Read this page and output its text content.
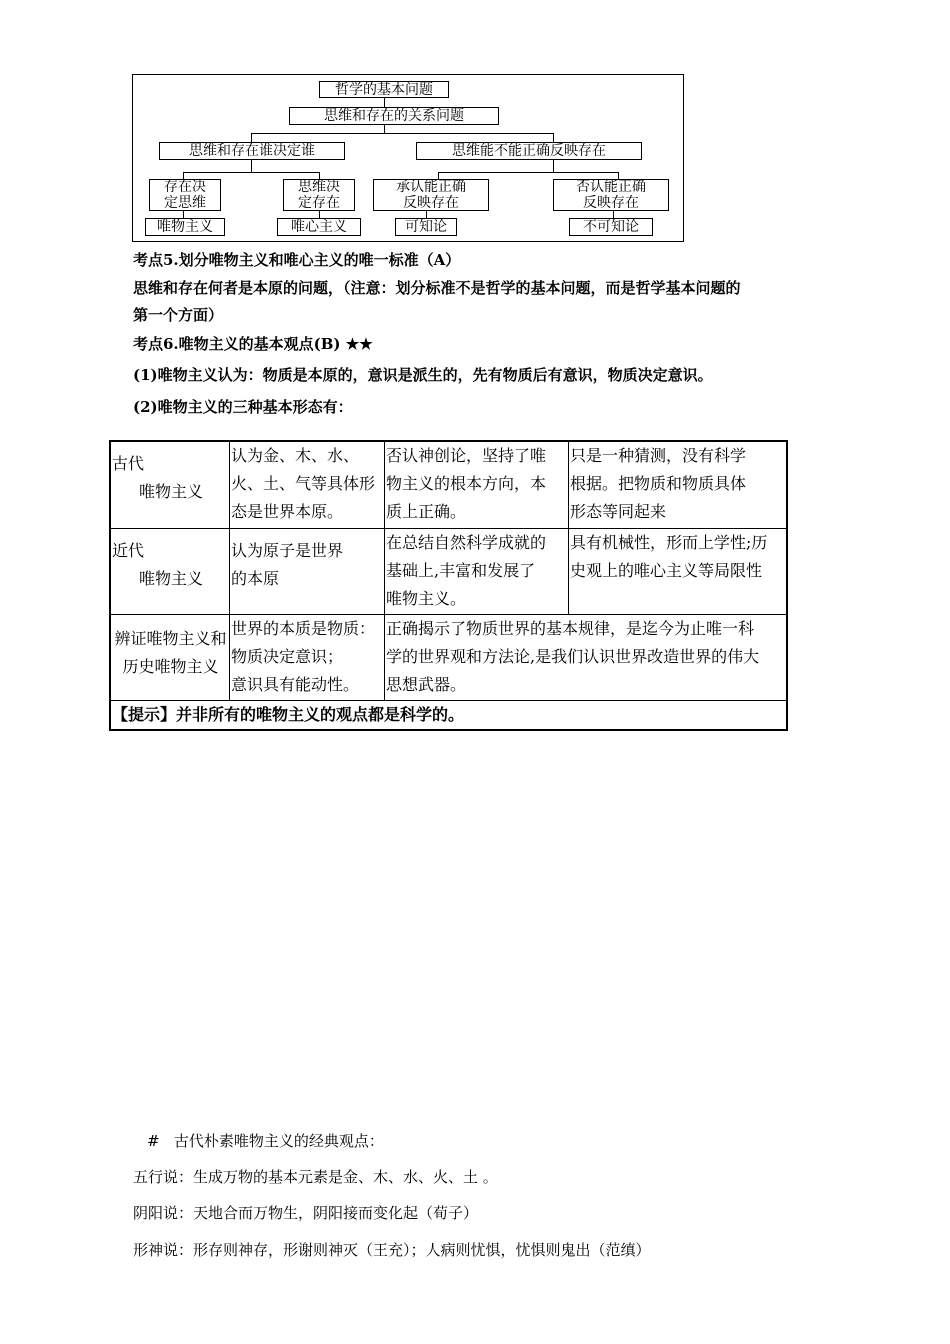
哲学的基本问题
思维和存在的关系问题
思维和存在谁决定谁	思维能不能正确反映存在
存在决
定思维
思维决
定存在
承认能正确
反映存在
否认能正确
反映存在
唯物主义	唯心主义	可知论	不可知论
考点5.划分唯物主义和唯心主义的唯一标准（A）
思维和存在何者是本原的问题，（注意：划分标准不是哲学的基本问题，而是哲学基本问题的
第一个方面）
考点6.唯物主义的基本观点(B) ★★
(1)唯物主义认为：物质是本原的，意识是派生的，先有物质后有意识，物质决定意识。
(2)唯物主义的三种基本形态有：
古代
唯物主义	认为金、木、水、
火、土、气等具体形
态是世界本原。	否认神创论，坚持了唯
物主义的根本方向，本
质上正确。	只是一种猜测，没有科学
根据。把物质和物质具体
形态等同起来

近代
唯物主义	认为原子是世界
的本原	在总结自然科学成就的
基础上,丰富和发展了
唯物主义。	具有机械性，形而上学性;历
史观上的唯心主义等局限性

辨证唯物主义和
历史唯物主义	世界的本质是物质：
物质决定意识；
意识具有能动性。	正确揭示了物质世界的基本规律，是迄今为止唯一科
学的世界观和方法论,是我们认识世界改造世界的伟大
思想武器。	

【提示】并非所有的唯物主义的观点都是科学的。			
#   古代朴素唯物主义的经典观点：
五行说：生成万物的基本元素是金、木、水、火、土 。
阴阳说：天地合而万物生，阴阳接而变化起（荀子）
形神说：形存则神存，形谢则神灭（王充）；人病则忧惧，忧惧则鬼出（范缜）
